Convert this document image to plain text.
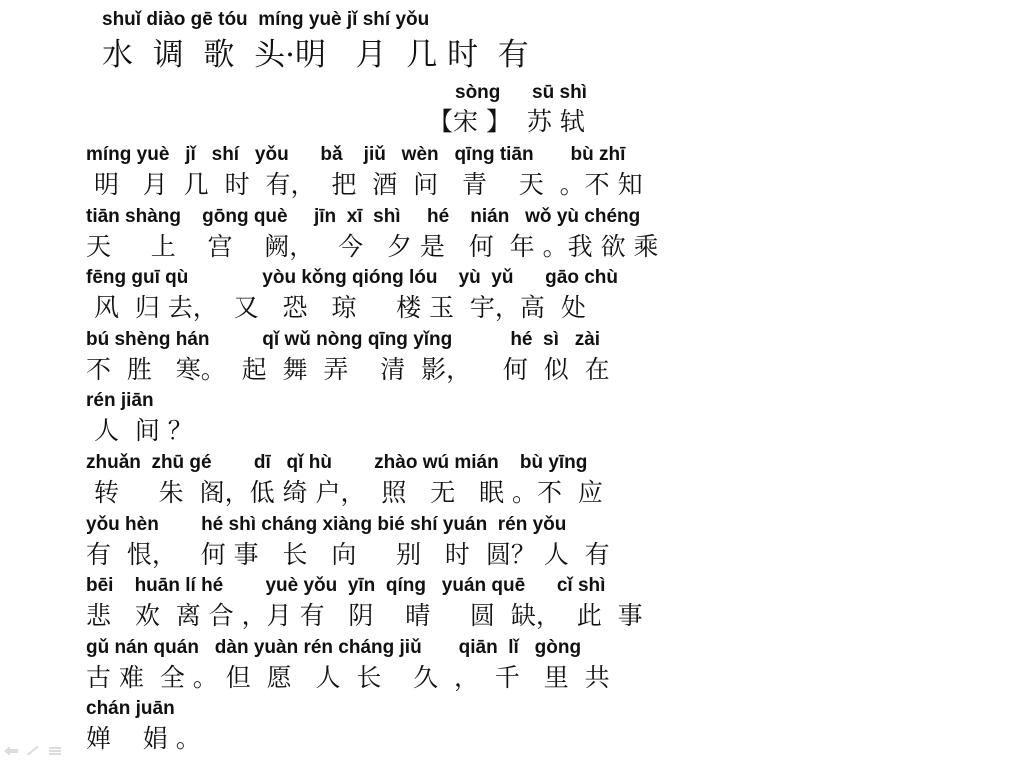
shuǐ diào gē tóu  míng yuè jǐ shí yǒu
水  调  歌  头·明   月  几 时  有
sòng      sū shì
【宋 】  苏 轼
míng yuè   jǐ   shí   yǒu      bǎ    jiǔ   wèn   qīng tiān       bù zhī
明   月  几  时  有，  把  酒  问   青    天  。不 知
tiān shàng    gōng què     jīn  xī  shì     hé    nián   wǒ yù chéng
天     上    宫    阙，   今   夕 是   何  年 。我 欲 乘
fēng guī qù              yòu kǒng qióng lóu    yù  yǔ      gāo chù
风  归 去，  又   恐   琼     楼 玉  宇，高  处
bú shèng hán          qǐ wǔ nòng qīng yǐng           hé  sì   zài
不  胜   寒。  起  舞  弄    清  影，    何  似  在
rén jiān
人  间 ？
zhuǎn  zhū gé        dī   qǐ hù        zhào wú mián    bù yīng
转     朱  阁，低 绮 户，  照   无   眠 。不  应
yǒu hèn        hé shì cháng xiàng bié shí yuán  rén yǒu
有  恨，   何 事   长   向     别   时  圆？ 人  有
bēi    huān lí hé        yuè yǒu  yīn  qíng   yuán quē      cǐ shì
悲   欢  离 合 ，月 有   阴    晴     圆  缺，  此  事
gǔ nán quán   dàn yuàn rén cháng jiǔ       qiān  lǐ   gòng
古 难  全 。 但  愿   人  长    久  ，  千   里  共
chán juān
婵    娟 。
